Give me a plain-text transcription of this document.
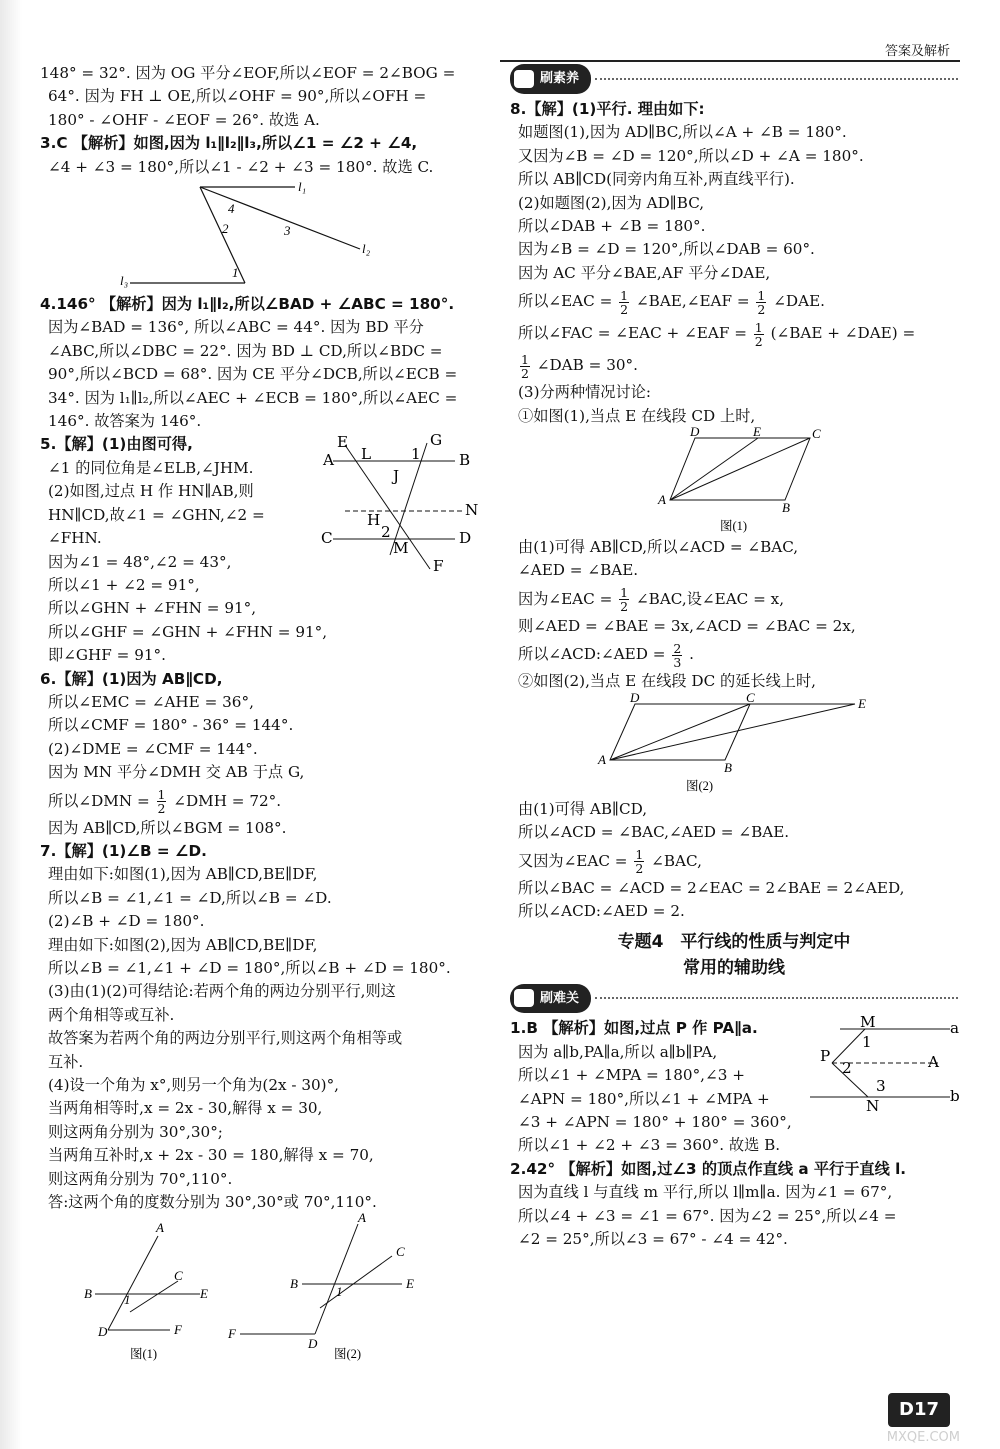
答案及解析
148° = 32°. 因为 OG 平分∠EOF,所以∠EOF = 2∠BOG =
64°. 因为 FH ⊥ OE,所以∠OHF = 90°,所以∠OFH =
180° - ∠OHF - ∠EOF = 26°. 故选 A.
3.C 【解析】如图,因为 l₁∥l₂∥l₃,所以∠1 = ∠2 + ∠4,
∠4 + ∠3 = 180°,所以∠1 - ∠2 + ∠3 = 180°. 故选 C.
l₁
l₂
l₃
1
2	3
4
4.146° 【解析】因为 l₁∥l₂,所以∠BAD + ∠ABC = 180°.
因为∠BAD = 136°, 所以∠ABC = 44°. 因为 BD 平分
∠ABC,所以∠DBC = 22°. 因为 BD ⊥ CD,所以∠BDC =
90°,所以∠BCD = 68°. 因为 CE 平分∠DCB,所以∠ECB =
34°. 因为 l₁∥l₂,所以∠AEC + ∠ECB = 180°,所以∠AEC =
146°. 故答案为 146°.
5.【解】(1)由图可得,
∠1 的同位角是∠ELB,∠JHM.
(2)如图,过点 H 作 HN∥AB,则
HN∥CD,故∠1 = ∠GHN,∠2 =
∠FHN.
E	G
A L	1	B
J
N
H
2
C
M
D
F
因为∠1 = 48°,∠2 = 43°,
所以∠1 + ∠2 = 91°,
所以∠GHN + ∠FHN = 91°,
所以∠GHF = ∠GHN + ∠FHN = 91°,
即∠GHF = 91°.
6.【解】(1)因为 AB∥CD,
所以∠EMC = ∠AHE = 36°,
所以∠CMF = 180° - 36° = 144°.
(2)∠DME = ∠CMF = 144°.
因为 MN 平分∠DMH 交 AB 于点 G,
所以∠DMN = $\frac{1}{2}$ ∠DMH = 72°.
因为 AB∥CD,所以∠BGM = 108°.
7.【解】(1)∠B = ∠D.
理由如下:如图(1),因为 AB∥CD,BE∥DF,
所以∠B = ∠1,∠1 = ∠D,所以∠B = ∠D.
(2)∠B + ∠D = 180°.
理由如下:如图(2),因为 AB∥CD,BE∥DF,
所以∠B = ∠1,∠1 + ∠D = 180°,所以∠B + ∠D = 180°.
(3)由(1)(2)可得结论:若两个角的两边分别平行,则这
两个角相等或互补.
故答案为若两个角的两边分别平行,则这两个角相等或
互补.
(4)设一个角为 x°,则另一个角为(2x - 30)°,
当两角相等时,x = 2x - 30,解得 x = 30,
则这两角分别为 30°,30°;
当两角互补时,x + 2x - 30 = 180,解得 x = 70,
则这两角分别为 70°,110°.
答:这两个角的度数分别为 30°,30°或 70°,110°.
A
C
B 1	E
D	F
图(1)
A
C
B
1
E
F
D
图(2)
刷素养
8.【解】(1)平行. 理由如下:
如题图(1),因为 AD∥BC,所以∠A + ∠B = 180°.
又因为∠B = ∠D = 120°,所以∠D + ∠A = 180°.
所以 AB∥CD(同旁内角互补,两直线平行).
(2)如题图(2),因为 AD∥BC,
所以∠DAB + ∠B = 180°.
因为∠B = ∠D = 120°,所以∠DAB = 60°.
因为 AC 平分∠BAE,AF 平分∠DAE,
所以∠EAC = $\frac{1}{2}$ ∠BAE,∠EAF = $\frac{1}{2}$ ∠DAE.
所以∠FAC = ∠EAC + ∠EAF = $\frac{1}{2}$ (∠BAE + ∠DAE) =
$\frac{1}{2}$ ∠DAB = 30°.
(3)分两种情况讨论:
①如图(1),当点 E 在线段 CD 上时,
D	E	C
A
B
图(1)
由(1)可得 AB∥CD,所以∠ACD = ∠BAC,
∠AED = ∠BAE.
因为∠EAC = $\frac{1}{2}$ ∠BAC,设∠EAC = x,
则∠AED = ∠BAE = 3x,∠ACD = ∠BAC = 2x,
所以∠ACD:∠AED = $\frac{2}{3}$ .
②如图(2),当点 E 在线段 DC 的延长线上时,
D	C	E
A
B
图(2)
由(1)可得 AB∥CD,
所以∠ACD = ∠BAC,∠AED = ∠BAE.
又因为∠EAC = $\frac{1}{2}$ ∠BAC,
所以∠BAC = ∠ACD = 2∠EAC = 2∠BAE = 2∠AED,
所以∠ACD:∠AED = 2.
专题4　平行线的性质与判定中
常用的辅助线
刷难关
1.B 【解析】如图,过点 P 作 PA∥a.
因为 a∥b,PA∥a,所以 a∥b∥PA,
所以∠1 + ∠MPA = 180°,∠3 +
∠APN = 180°,所以∠1 + ∠MPA +
∠3 + ∠APN = 180° + 180° = 360°,
所以∠1 + ∠2 + ∠3 = 360°. 故选 B.
M	a
1
P
2	A
3
N
b
2.42° 【解析】如图,过∠3 的顶点作直线 a 平行于直线 l.
因为直线 l 与直线 m 平行,所以 l∥m∥a. 因为∠1 = 67°,
所以∠4 + ∠3 = ∠1 = 67°. 因为∠2 = 25°,所以∠4 =
∠2 = 25°,所以∠3 = 67° - ∠4 = 42°.
D17
MXQE.COM
